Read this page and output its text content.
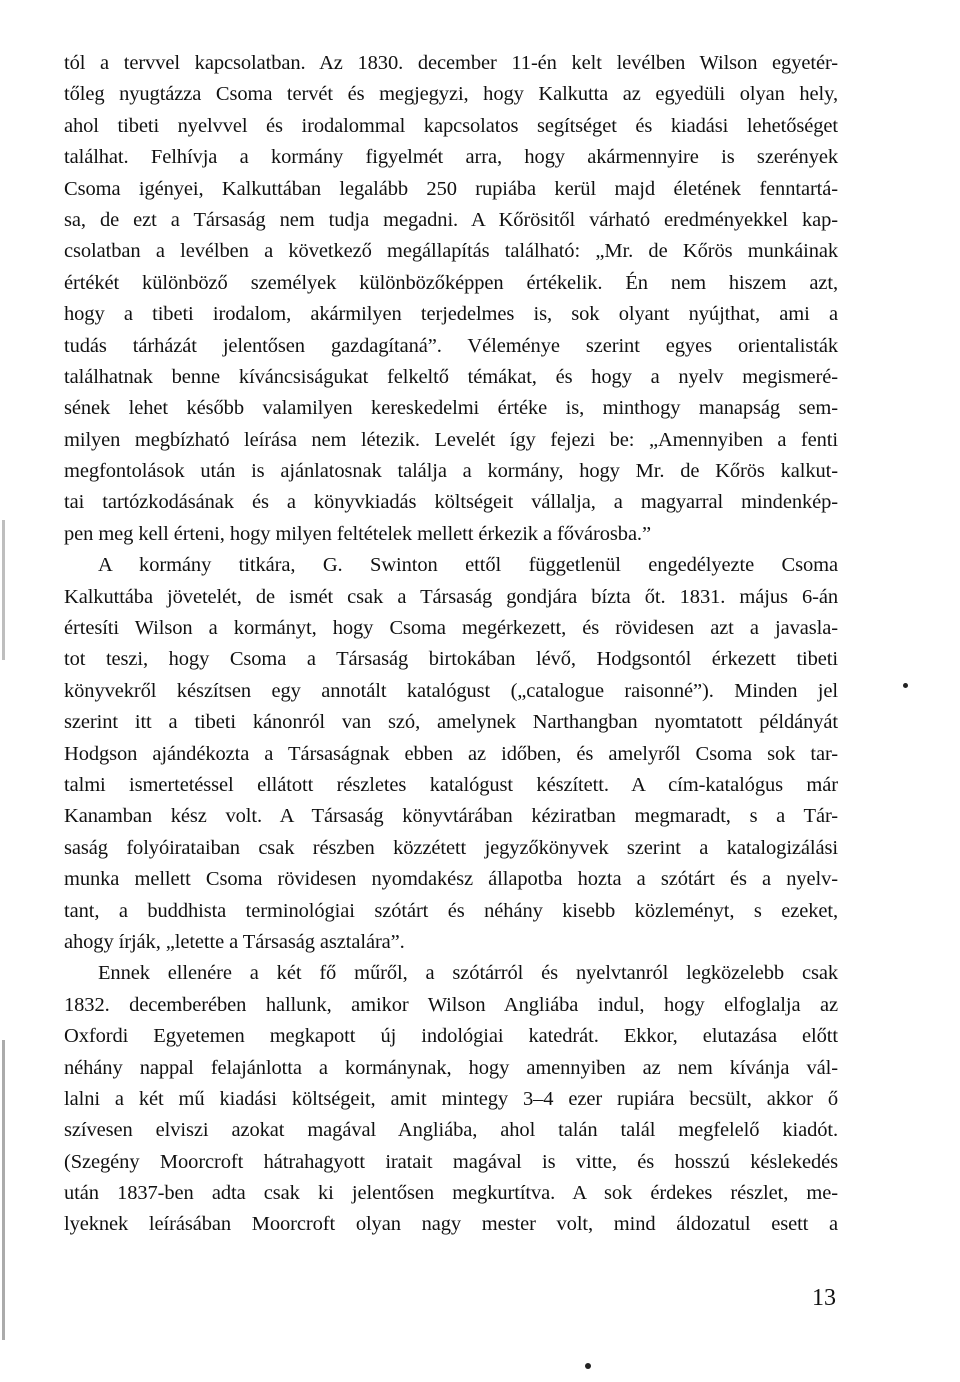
tól a tervvel kapcsolatban. Az 1830. december 11-én kelt levélben Wilson egyetér-
tőleg nyugtázza Csoma tervét és megjegyzi, hogy Kalkutta az egyedüli olyan hely,
ahol tibeti nyelvvel és irodalommal kapcsolatos segítséget és kiadási lehetőséget
találhat. Felhívja a kormány figyelmét arra, hogy akármennyire is szerények
Csoma igényei, Kalkuttában legalább 250 rupiába kerül majd életének fenntartá-
sa, de ezt a Társaság nem tudja megadni. A Kőrösitől várható eredményekkel kap-
csolatban a levélben a következő megállapítás található: „Mr. de Kőrös munkáinak
értékét különböző személyek különbözőképpen értékelik. Én nem hiszem azt,
hogy a tibeti irodalom, akármilyen terjedelmes is, sok olyant nyújthat, ami a
tudás tárházát jelentősen gazdagítaná”. Véleménye szerint egyes orientalisták
találhatnak benne kíváncsiságukat felkeltő témákat, és hogy a nyelv megismeré-
sének lehet később valamilyen kereskedelmi értéke is, minthogy manapság sem-
milyen megbízható leírása nem létezik. Levelét így fejezi be: „Amennyiben a fenti
megfontolások után is ajánlatosnak találja a kormány, hogy Mr. de Kőrös kalkut-
tai tartózkodásának és a könyvkiadás költségeit vállalja, a magyarral mindenkép-
pen meg kell érteni, hogy milyen feltételek mellett érkezik a fővárosba.”
A kormány titkára, G. Swinton ettől függetlenül engedélyezte Csoma
Kalkuttába jövetelét, de ismét csak a Társaság gondjára bízta őt. 1831. május 6-án
értesíti Wilson a kormányt, hogy Csoma megérkezett, és rövidesen azt a javasla-
tot teszi, hogy Csoma a Társaság birtokában lévő, Hodgsontól érkezett tibeti
könyvekről készítsen egy annotált katalógust („catalogue raisonné”). Minden jel
szerint itt a tibeti kánonról van szó, amelynek Narthangban nyomtatott példányát
Hodgson ajándékozta a Társaságnak ebben az időben, és amelyről Csoma sok tar-
talmi ismertetéssel ellátott részletes katalógust készített. A cím-katalógus már
Kanamban kész volt. A Társaság könyvtárában kéziratban megmaradt, s a Tár-
saság folyóirataiban csak részben közzétett jegyzőkönyvek szerint a katalogizálási
munka mellett Csoma rövidesen nyomdakész állapotba hozta a szótárt és a nyelv-
tant, a buddhista terminológiai szótárt és néhány kisebb közleményt, s ezeket,
ahogy írják, „letette a Társaság asztalára”.
Ennek ellenére a két fő műről, a szótárról és nyelvtanról legközelebb csak
1832. decemberében hallunk, amikor Wilson Angliába indul, hogy elfoglalja az
Oxfordi Egyetemen megkapott új indológiai katedrát. Ekkor, elutazása előtt
néhány nappal felajánlotta a kormánynak, hogy amennyiben az nem kívánja vál-
lalni a két mű kiadási költségeit, amit mintegy 3–4 ezer rupiára becsült, akkor ő
szívesen elviszi azokat magával Angliába, ahol talán talál megfelelő kiadót.
(Szegény Moorcroft hátrahagyott iratait magával is vitte, és hosszú késlekedés
után 1837-ben adta csak ki jelentősen megkurtítva. A sok érdekes részlet, me-
lyeknek leírásában Moorcroft olyan nagy mester volt, mind áldozatul esett a
13
